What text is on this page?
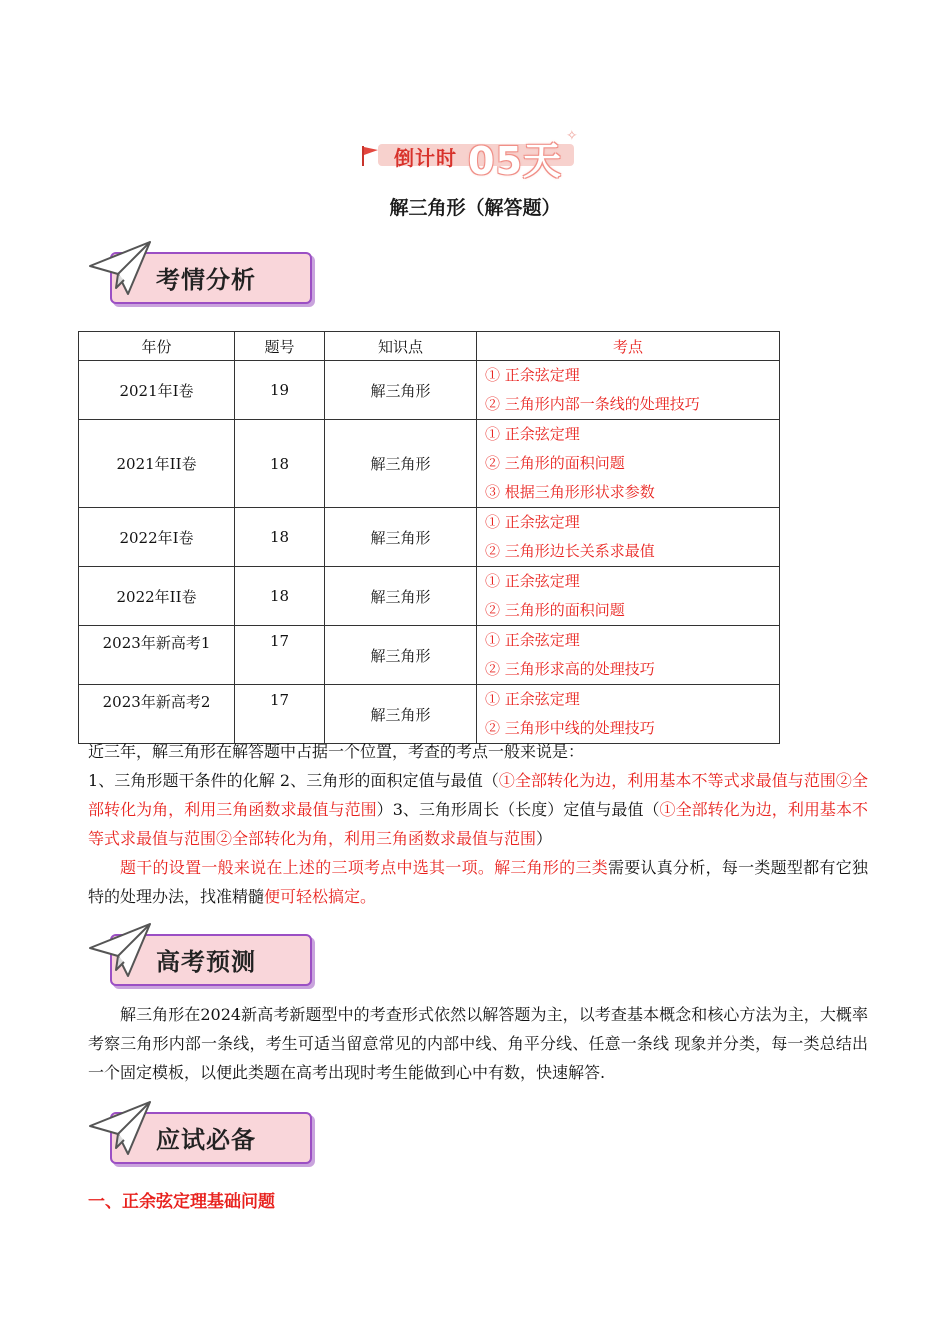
倒计时 05天
✧
解三角形（解答题）
考情分析
年份	题号	知识点	考点
2021年I卷	19	解三角形	① 正余弦定理
② 三角形内部一条线的处理技巧

2021年II卷	18	解三角形	① 正余弦定理
② 三角形的面积问题
③ 根据三角形形状求参数

2022年I卷	18	解三角形	① 正余弦定理
② 三角形边长关系求最值

2022年II卷	18	解三角形	① 正余弦定理
② 三角形的面积问题

2023年新高考1	17	解三角形	① 正余弦定理
② 三角形求高的处理技巧

2023年新高考2	17	解三角形	① 正余弦定理
② 三角形中线的处理技巧
近三年，解三角形在解答题中占据一个位置，考查的考点一般来说是：
1、三角形题干条件的化解 2、三角形的面积定值与最值（①全部转化为边，利用基本不等式求最值与范围②全部转化为角，利用三角函数求最值与范围）3、三角形周长（长度）定值与最值（①全部转化为边，利用基本不等式求最值与范围②全部转化为角，利用三角函数求最值与范围）
题干的设置一般来说在上述的三项考点中选其一项。解三角形的三类需要认真分析，每一类题型都有它独特的处理办法，找准精髓便可轻松搞定。
高考预测
解三角形在2024新高考新题型中的考查形式依然以解答题为主，以考查基本概念和核心方法为主，大概率考察三角形内部一条线，考生可适当留意常见的内部中线、角平分线、任意一条线 现象并分类，每一类总结出一个固定模板，以便此类题在高考出现时考生能做到心中有数，快速解答.
应试必备
一、正余弦定理基础问题
